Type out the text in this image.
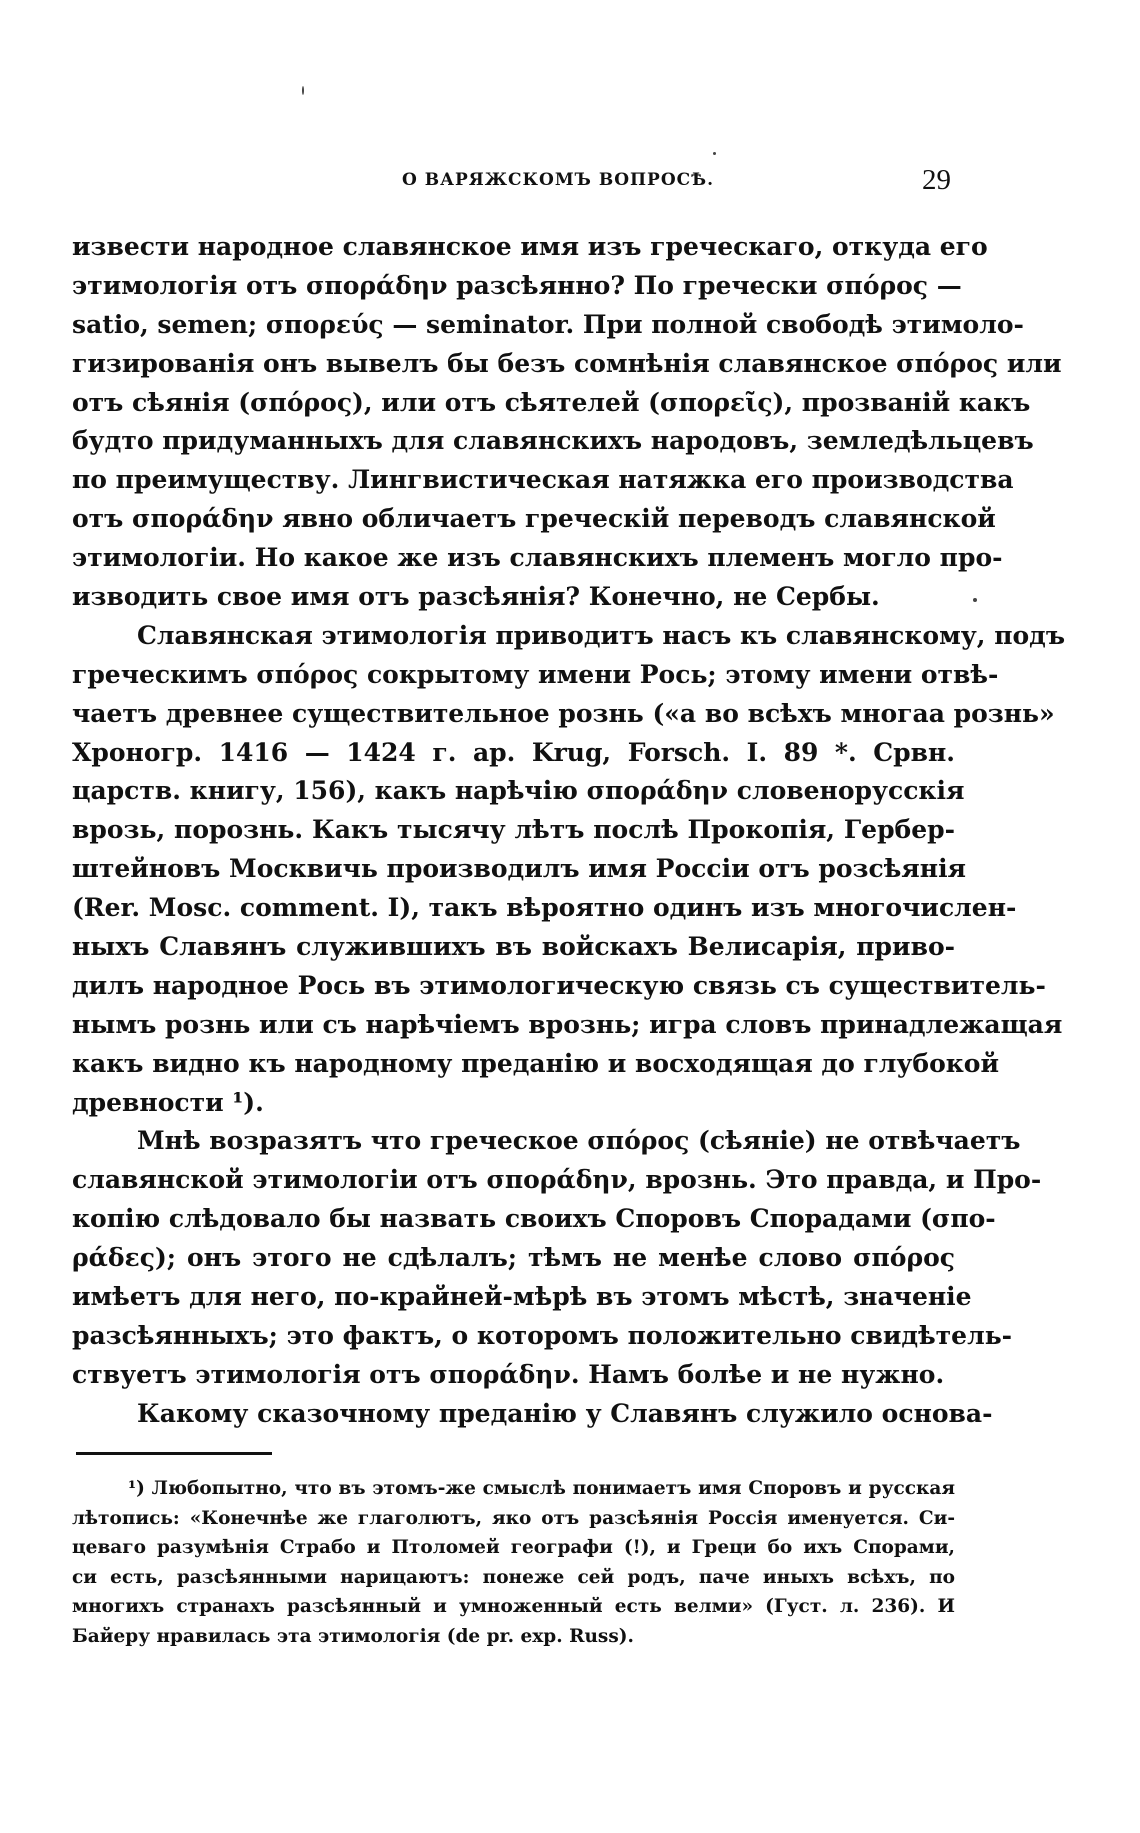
О ВАРЯЖСКОМЪ ВОПРОСѢ.	29
извести народное славянское имя изъ греческаго, откуда его
этимологія отъ σποράδην разсѣянно? По гречески σπόρος —
satio, semen; σπορεύς — seminator. При полной свободѣ этимоло-
гизированія онъ вывелъ бы безъ сомнѣнія славянское σπόρος или
отъ сѣянія (σπόρος), или отъ сѣятелей (σπορεῖς), прозваній какъ
будто придуманныхъ для славянскихъ народовъ, земледѣльцевъ
по преимуществу. Лингвистическая натяжка его производства
отъ σποράδην явно обличаетъ греческій переводъ славянской
этимологіи. Но какое же изъ славянскихъ племенъ могло про-
изводить свое имя отъ разсѣянія? Конечно, не Сербы.
Славянская этимологія приводитъ насъ къ славянскому, подъ
греческимъ σπόρος сокрытому имени Рось; этому имени отвѣ-
чаетъ древнее существительное рознь («а во всѣхъ многаа рознь»
Хроногр. 1416 — 1424 г. ap. Krug, Forsch. I. 89 *. Срвн.
царств. книгу, 156), какъ нарѣчію σποράδην словенорусскія
врозь, порознь. Какъ тысячу лѣтъ послѣ Прокопія, Гербер-
штейновъ Москвичь производилъ имя Россіи отъ розсѣянія
(Rer. Mosc. comment. I), такъ вѣроятно одинъ изъ многочислен-
ныхъ Славянъ служившихъ въ войскахъ Велисарія, приво-
дилъ народное Рось въ этимологическую связь съ существитель-
нымъ рознь или съ нарѣчіемъ врознь; игра словъ принадлежащая
какъ видно къ народному преданію и восходящая до глубокой
древности ¹).
Мнѣ возразятъ что греческое σπόρος (сѣяніе) не отвѣчаетъ
славянской этимологіи отъ σποράδην, врознь. Это правда, и Про-
копію слѣдовало бы назвать своихъ Споровъ Спорадами (σπο-
ράδες); онъ этого не сдѣлалъ; тѣмъ не менѣе слово σπόρος
имѣетъ для него, по-крайней-мѣрѣ въ этомъ мѣстѣ, значеніе
разсѣянныхъ; это фактъ, о которомъ положительно свидѣтель-
ствуетъ этимологія отъ σποράδην. Намъ болѣе и не нужно.
Какому сказочному преданію у Славянъ служило основа-
¹) Любопытно, что въ этомъ-же смыслѣ понимаетъ имя Споровъ и русская
лѣтопись: «Конечнѣе же глаголютъ, яко отъ разсѣянія Россія именуется. Си-
цеваго разумѣнія Страбо и Птоломей географи (!), и Греци бо ихъ Спорами,
си есть, разсѣянными нарицаютъ: понеже сей родъ, паче иныхъ всѣхъ, по
многихъ странахъ разсѣянный и умноженный есть велми» (Густ. л. 236). И
Байеру нравилась эта этимологія (de pr. exp. Russ).
